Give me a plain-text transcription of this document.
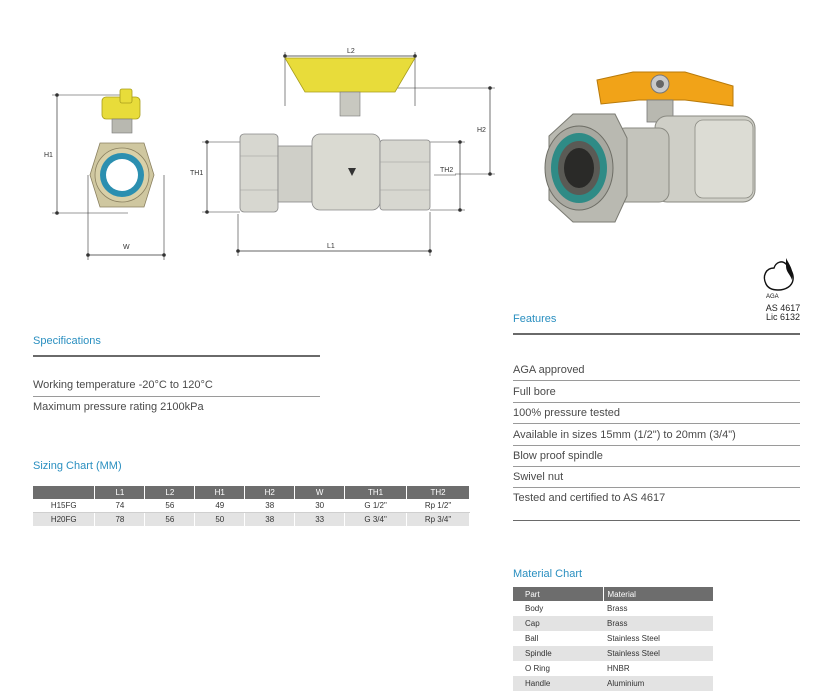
H1
W
L2
H2
TH1	TH2
L1
AGA
AS 4617
Lic 6132
Specifications
Working temperature -20°C to 120°C
Maximum pressure rating 2100kPa
Sizing Chart (MM)
	L1	L2	H1	H2	W	TH1	TH2
H15FG	74	56	49	38	30	G 1/2"	Rp 1/2"
H20FG	78	56	50	38	33	G 3/4"	Rp 3/4"
Features
AGA approved
Full bore
100% pressure tested
Available in sizes 15mm (1/2") to 20mm (3/4")
Blow proof spindle
Swivel nut
Tested and certified to AS 4617
Material Chart
Part	Material
Body	Brass
Cap	Brass
Ball	Stainless Steel
Spindle	Stainless Steel
O Ring	HNBR
Handle	Aluminium
